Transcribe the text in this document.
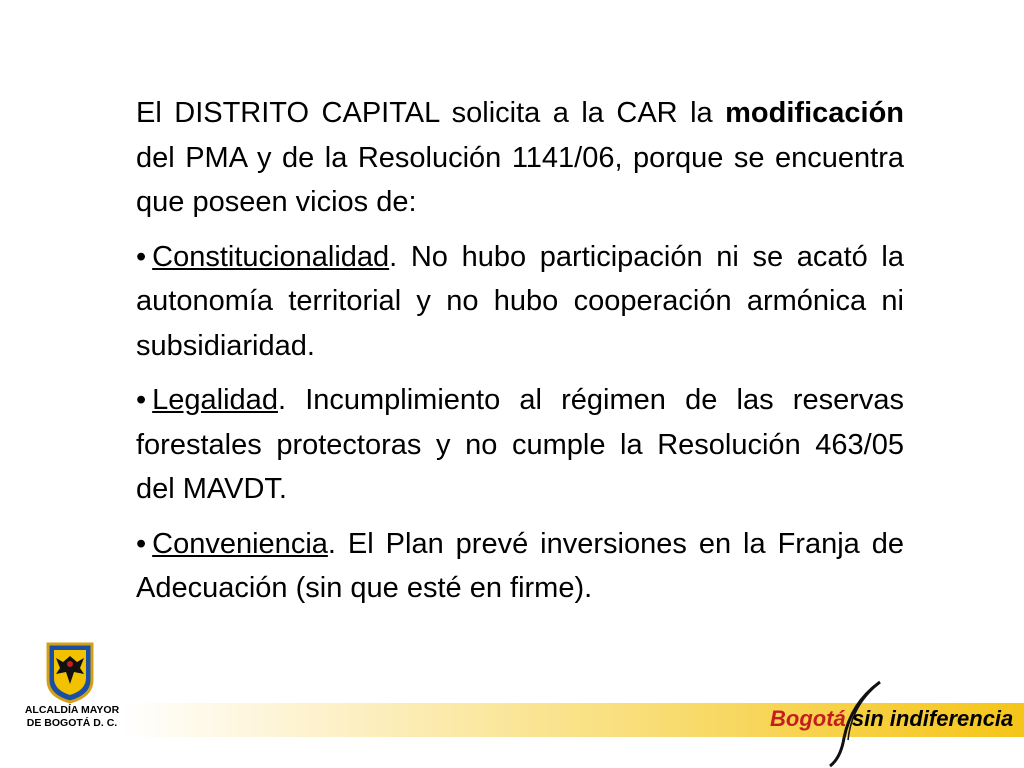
El DISTRITO CAPITAL solicita a la CAR la modificación del PMA y de la Resolución 1141/06, porque se encuentra que poseen vicios de:

• Constitucionalidad. No hubo participación ni se acató la autonomía territorial y no hubo cooperación armónica ni subsidiaridad.

• Legalidad. Incumplimiento al régimen de las reservas forestales protectoras y no cumple la Resolución 463/05 del MAVDT.

• Conveniencia. El Plan prevé inversiones en la Franja de Adecuación (sin que esté en firme).

ALCALDÍA MAYOR
DE BOGOTÁ D. C.	Bogotá sin indiferencia
